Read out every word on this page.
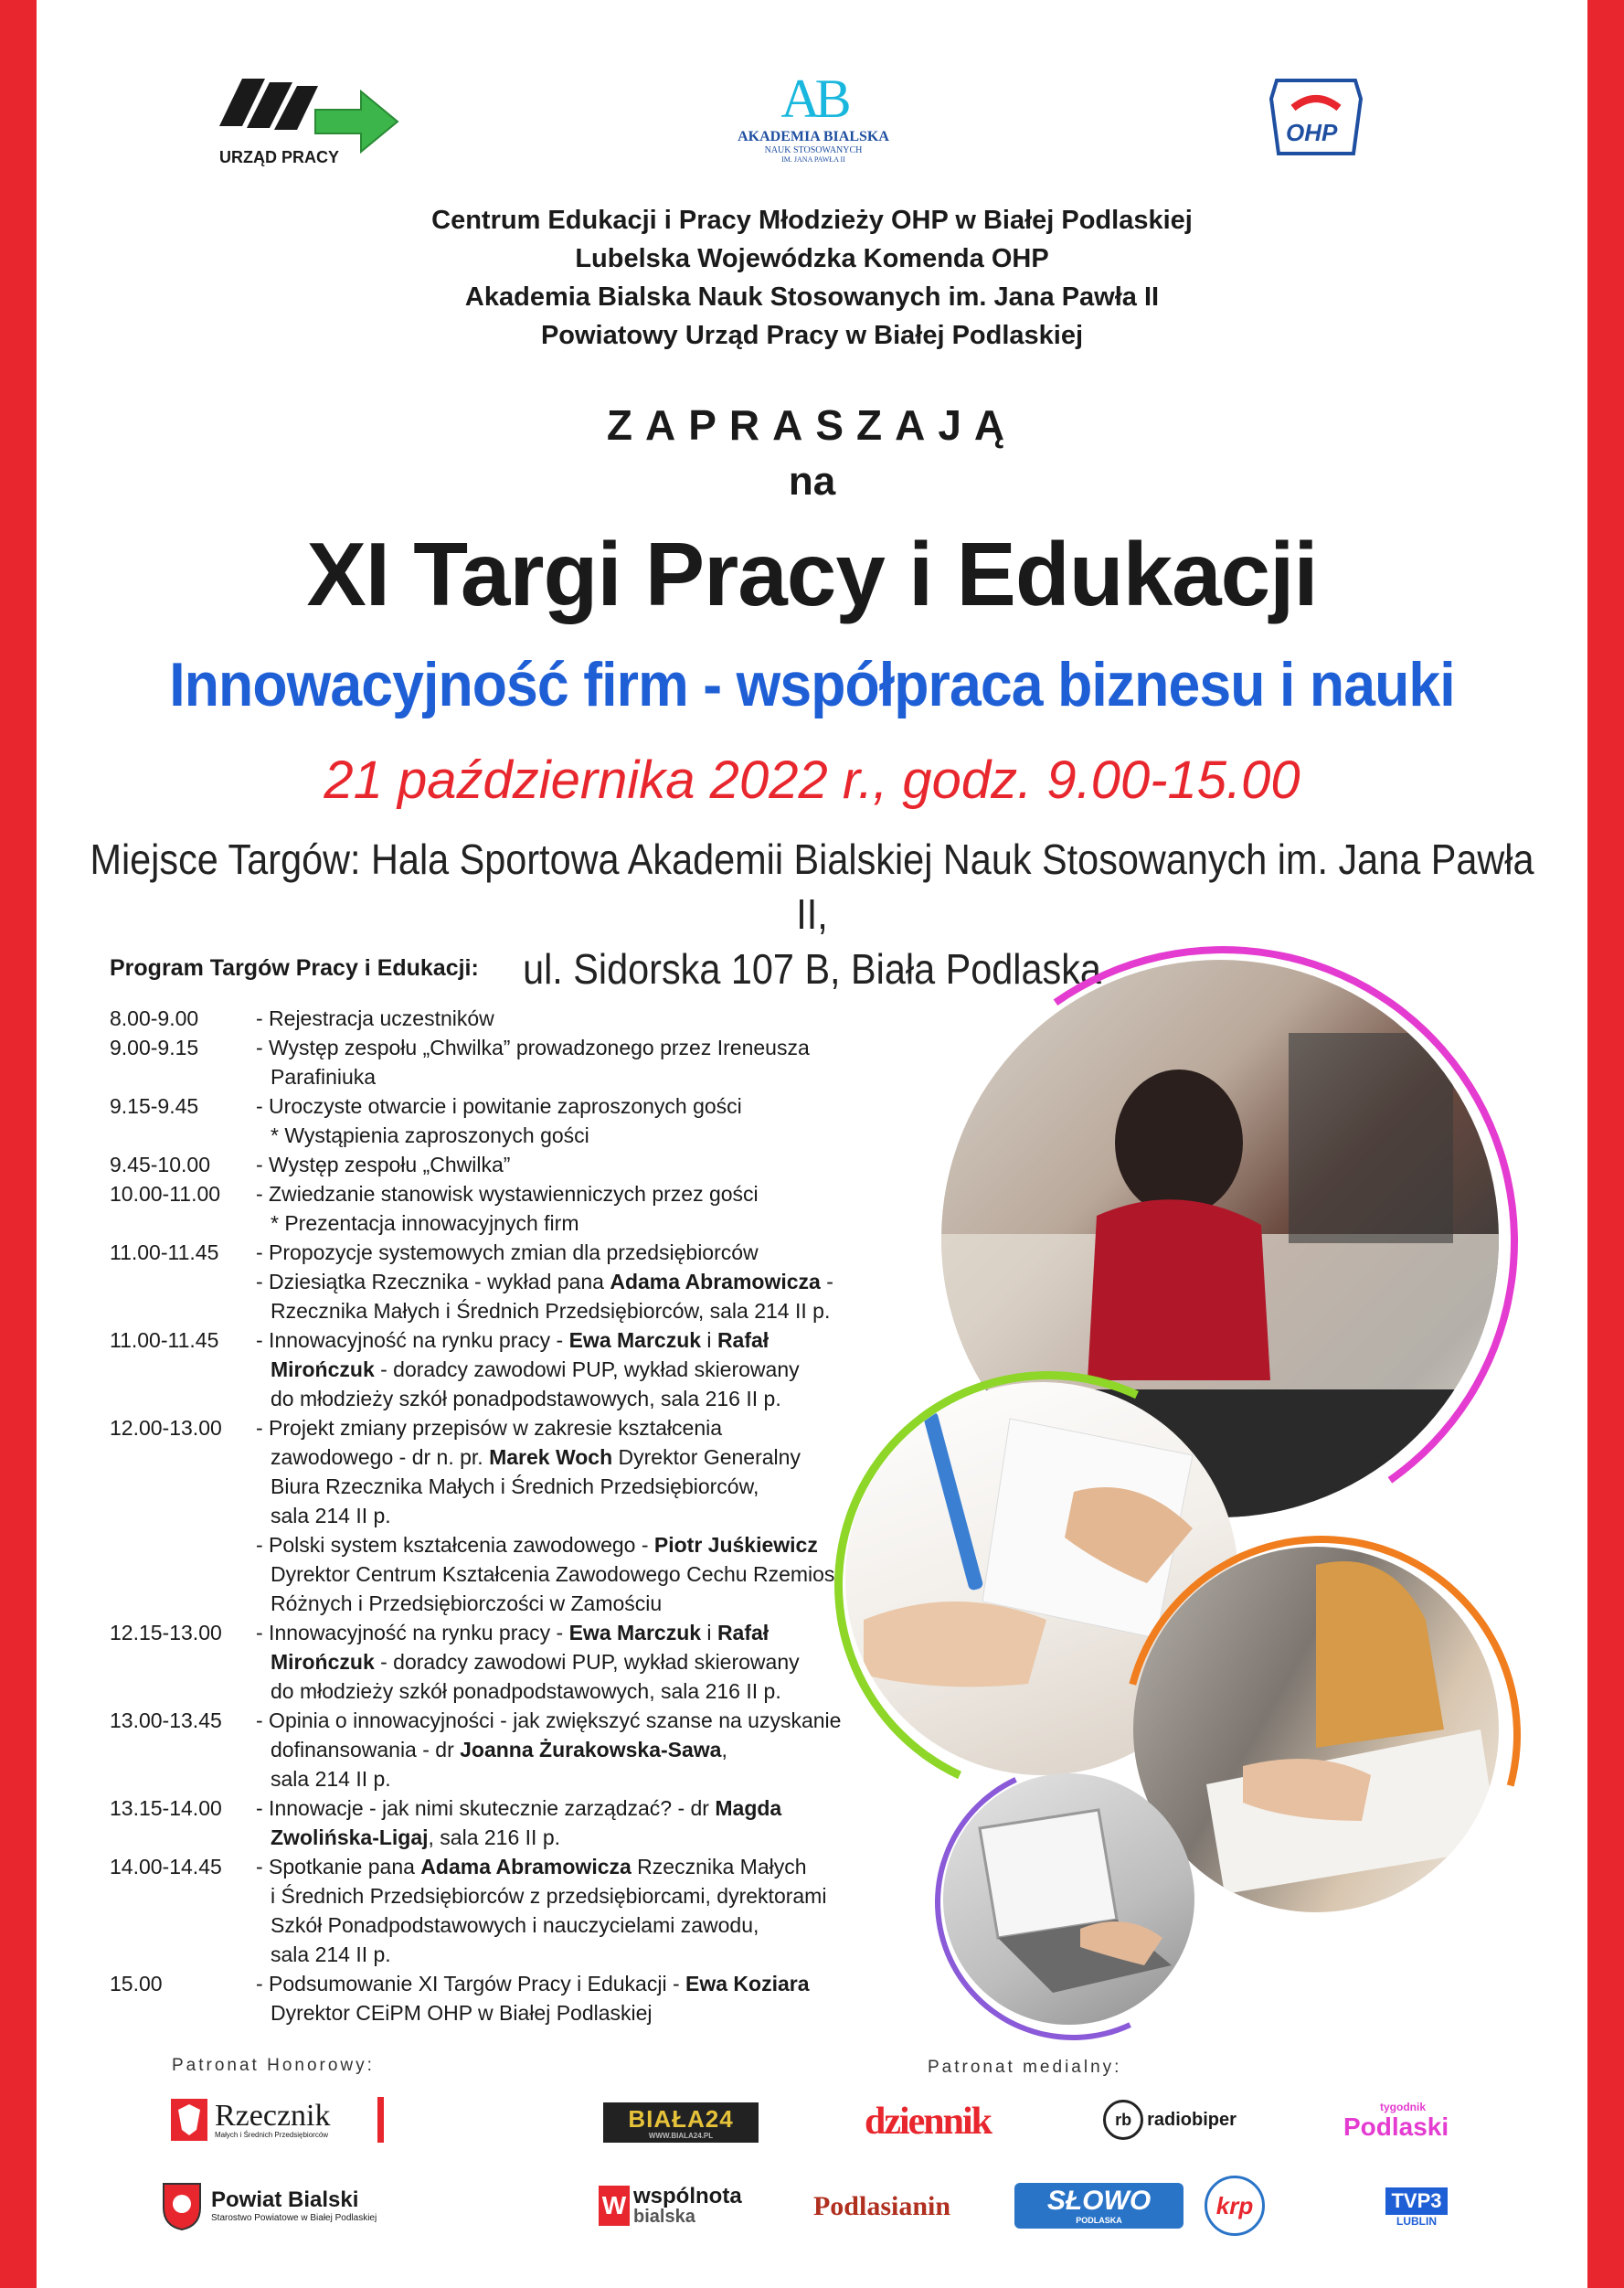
URZĄD PRACY
AB
AKADEMIA BIALSKA
NAUK STOSOWANYCH
IM. JANA PAWŁA II
OHP
Centrum Edukacji i Pracy Młodzieży OHP w Białej Podlaskiej
Lubelska Wojewódzka Komenda OHP
Akademia Bialska Nauk Stosowanych im. Jana Pawła II
Powiatowy Urząd Pracy w Białej Podlaskiej
ZAPRASZAJĄ
na
XI Targi Pracy i Edukacji
Innowacyjność firm - współpraca biznesu i nauki
21 października 2022 r., godz. 9.00-15.00
Miejsce Targów: Hala Sportowa Akademii Bialskiej Nauk Stosowanych im. Jana Pawła II,
ul. Sidorska 107 B, Biała Podlaska
Program Targów Pracy i Edukacji:
8.00-9.00	- Rejestracja uczestników
9.00-9.15	- Występ zespołu „Chwilka” prowadzonego przez Ireneusza
Parafiniuka
9.15-9.45	- Uroczyste otwarcie i powitanie zaproszonych gości
* Wystąpienia zaproszonych gości
9.45-10.00	- Występ zespołu „Chwilka”
10.00-11.00	- Zwiedzanie stanowisk wystawienniczych przez gości
* Prezentacja innowacyjnych firm
11.00-11.45	- Propozycje systemowych zmian dla przedsiębiorców
- Dziesiątka Rzecznika - wykład pana Adama Abramowicza -
Rzecznika Małych i Średnich Przedsiębiorców, sala 214 II p.
11.00-11.45	- Innowacyjność na rynku pracy - Ewa Marczuk i Rafał
Mirończuk - doradcy zawodowi PUP, wykład skierowany
do młodzieży szkół ponadpodstawowych, sala 216 II p.
12.00-13.00	- Projekt zmiany przepisów w zakresie kształcenia
zawodowego - dr n. pr. Marek Woch Dyrektor Generalny
Biura Rzecznika Małych i Średnich Przedsiębiorców,
sala 214 II p.
- Polski system kształcenia zawodowego - Piotr Juśkiewicz
Dyrektor Centrum Kształcenia Zawodowego Cechu Rzemiosł
Różnych i Przedsiębiorczości w Zamościu
12.15-13.00	- Innowacyjność na rynku pracy - Ewa Marczuk i Rafał
Mirończuk - doradcy zawodowi PUP, wykład skierowany
do młodzieży szkół ponadpodstawowych, sala 216 II p.
13.00-13.45	- Opinia o innowacyjności - jak zwiększyć szanse na uzyskanie
dofinansowania - dr Joanna Żurakowska-Sawa,
sala 214 II p.
13.15-14.00	- Innowacje - jak nimi skutecznie zarządzać? - dr Magda
Zwolińska-Ligaj, sala 216 II p.
14.00-14.45	- Spotkanie pana Adama Abramowicza Rzecznika Małych
i Średnich Przedsiębiorców z przedsiębiorcami, dyrektorami
Szkół Ponadpodstawowych i nauczycielami zawodu,
sala 214 II p.
15.00	- Podsumowanie XI Targów Pracy i Edukacji - Ewa Koziara
Dyrektor CEiPM OHP w Białej Podlaskiej
Patronat Honorowy:	Patronat medialny:
Rzecznik
Małych i Średnich Przedsiębiorców
Powiat Bialski
Starostwo Powiatowe w Białej Podlaskiej
BIAŁA24
WWW.BIALA24.PL	dziennik	rb radiobiper
tygodnik
Podlaski
W wspólnota
bialska	Podlasianin	SŁOWO
PODLASKA
krp	TVP3
LUBLIN
